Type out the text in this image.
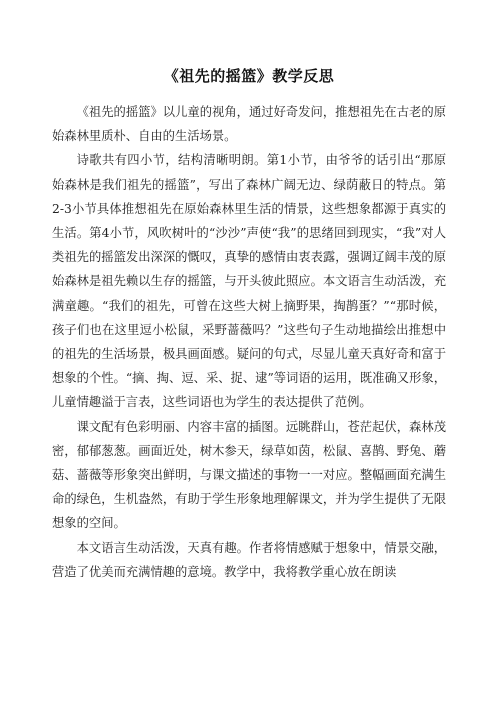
《祖先的摇篮》教学反思

《祖先的摇篮》以儿童的视角，通过好奇发问，推想祖先在古老的原始森林里质朴、自由的生活场景。

诗歌共有四小节，结构清晰明朗。第1小节，由爷爷的话引出“那原始森林是我们祖先的摇篮”，写出了森林广阔无边、绿荫蔽日的特点。第2-3小节具体推想祖先在原始森林里生活的情景，这些想象都源于真实的生活。第4小节，风吹树叶的“沙沙”声使“我”的思绪回到现实，“我”对人类祖先的摇篮发出深深的慨叹，真挚的感情由衷表露，强调辽阔丰茂的原始森林是祖先赖以生存的摇篮，与开头彼此照应。本文语言生动活泼，充满童趣。“我们的祖先，可曾在这些大树上摘野果，掏鹊蛋？”“那时候，孩子们也在这里逗小松鼠，采野蔷薇吗？”这些句子生动地描绘出推想中的祖先的生活场景，极具画面感。疑问的句式，尽显儿童天真好奇和富于想象的个性。“摘、掏、逗、采、捉、逮”等词语的运用，既准确又形象，儿童情趣溢于言表，这些词语也为学生的表达提供了范例。

课文配有色彩明丽、内容丰富的插图。远眺群山，苍茫起伏，森林茂密，郁郁葱葱。画面近处，树木参天，绿草如茵，松鼠、喜鹊、野兔、蘑菇、蔷薇等形象突出鲜明，与课文描述的事物一一对应。整幅画面充满生命的绿色，生机盎然，有助于学生形象地理解课文，并为学生提供了无限想象的空间。

本文语言生动活泼，天真有趣。作者将情感赋于想象中，情景交融，营造了优美而充满情趣的意境。教学中，我将教学重心放在朗读
